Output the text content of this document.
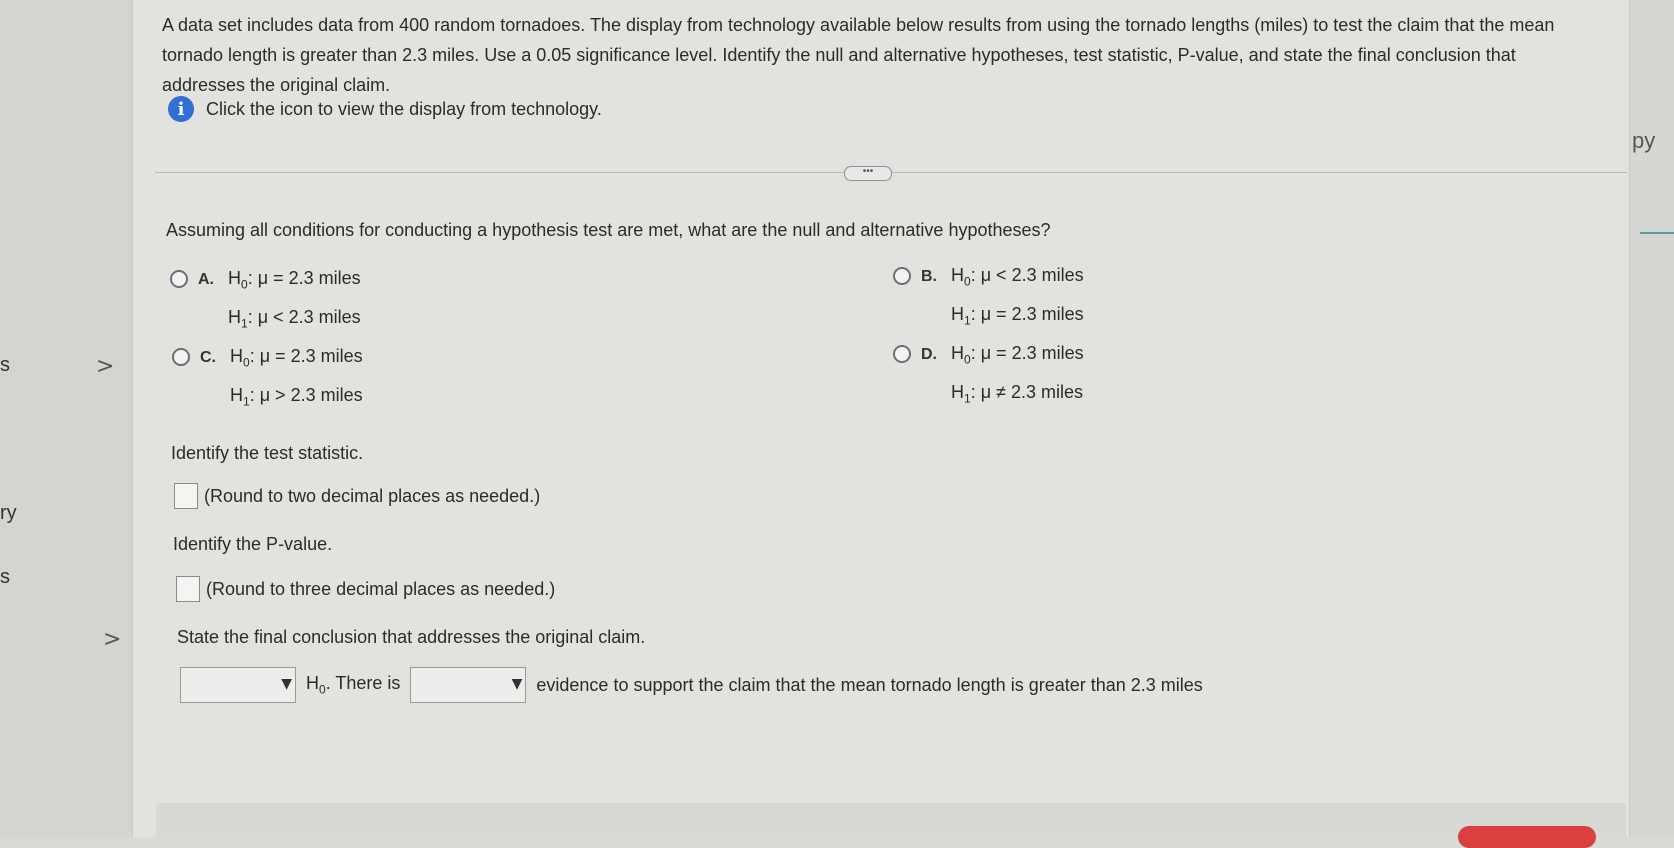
s	>
ry
s
>
py
A data set includes data from 400 random tornadoes. The display from technology available below results from using the tornado lengths (miles) to test the claim that the mean tornado length is greater than 2.3 miles. Use a 0.05 significance level. Identify the null and alternative hypotheses, test statistic, P-value, and state the final conclusion that addresses the original claim.
i	Click the icon to view the display from technology.
•••
Assuming all conditions for conducting a hypothesis test are met, what are the null and alternative hypotheses?
A. $H_0$: μ = 2.3 miles
$H_1$: μ < 2.3 miles
B. $H_0$: μ < 2.3 miles
$H_1$: μ = 2.3 miles
C. $H_0$: μ = 2.3 miles
$H_1$: μ > 2.3 miles
D. $H_0$: μ = 2.3 miles
$H_1$: μ ≠ 2.3 miles
Identify the test statistic.
(Round to two decimal places as needed.)
Identify the P-value.
(Round to three decimal places as needed.)
State the final conclusion that addresses the original claim.
▼ $H_0$. There is	▼ evidence to support the claim that the mean tornado length is greater than 2.3 miles
